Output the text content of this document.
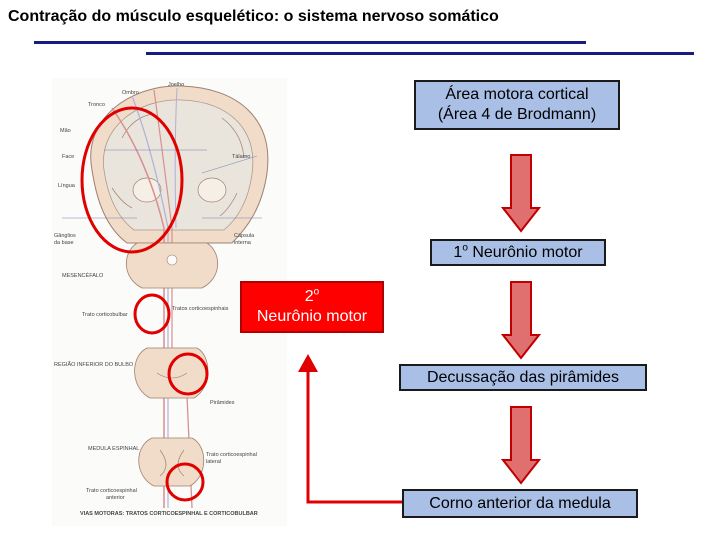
Contração do músculo esquelético: o sistema nervoso somático
Joelho
Ombro
Tronco
Mão
Face
Língua
Tálamo
Gânglios
da base
Cápsula
interna
MESENCÉFALO
Trato corticobulbar
Tratos corticoespinhais
REGIÃO INFERIOR DO BULBO
Pirâmides
Trato corticoespinhal
lateral
MEDULA ESPINHAL
Trato corticoespinhal
anterior
VIAS MOTORAS: TRATOS CORTICOESPINHAL E CORTICOBULBAR
Área motora cortical
(Área 4 de Brodmann)
1$^o$ Neurônio motor
Decussação das pirâmides
Corno anterior da medula
2$^o$
Neurônio motor
